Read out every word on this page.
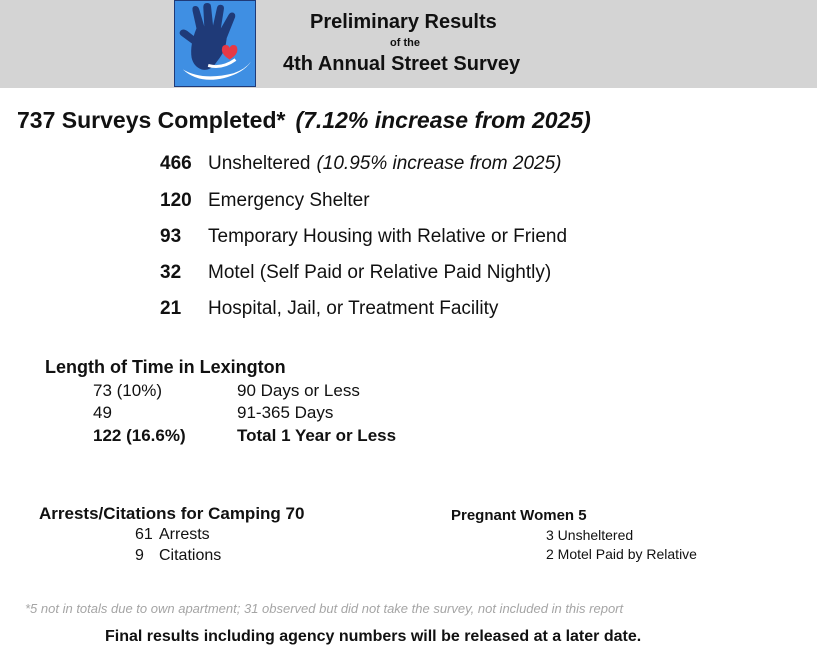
Preliminary Results
of the
4th Annual Street Survey
737 Surveys Completed* (7.12% increase from 2025)
466 Unsheltered (10.95% increase from 2025)
120 Emergency Shelter
93 Temporary Housing with Relative or Friend
32 Motel (Self Paid or Relative Paid Nightly)
21 Hospital, Jail, or Treatment Facility
Length of Time in Lexington
73 (10%)	90 Days or Less
49	91-365 Days
122 (16.6%)	Total 1 Year or Less
Arrests/Citations for Camping 70
61 Arrests
9 Citations
Pregnant Women 5
3 Unsheltered
2 Motel Paid by Relative
*5 not in totals due to own apartment; 31 observed but did not take the survey, not included in this report
Final results including agency numbers will be released at a later date.
